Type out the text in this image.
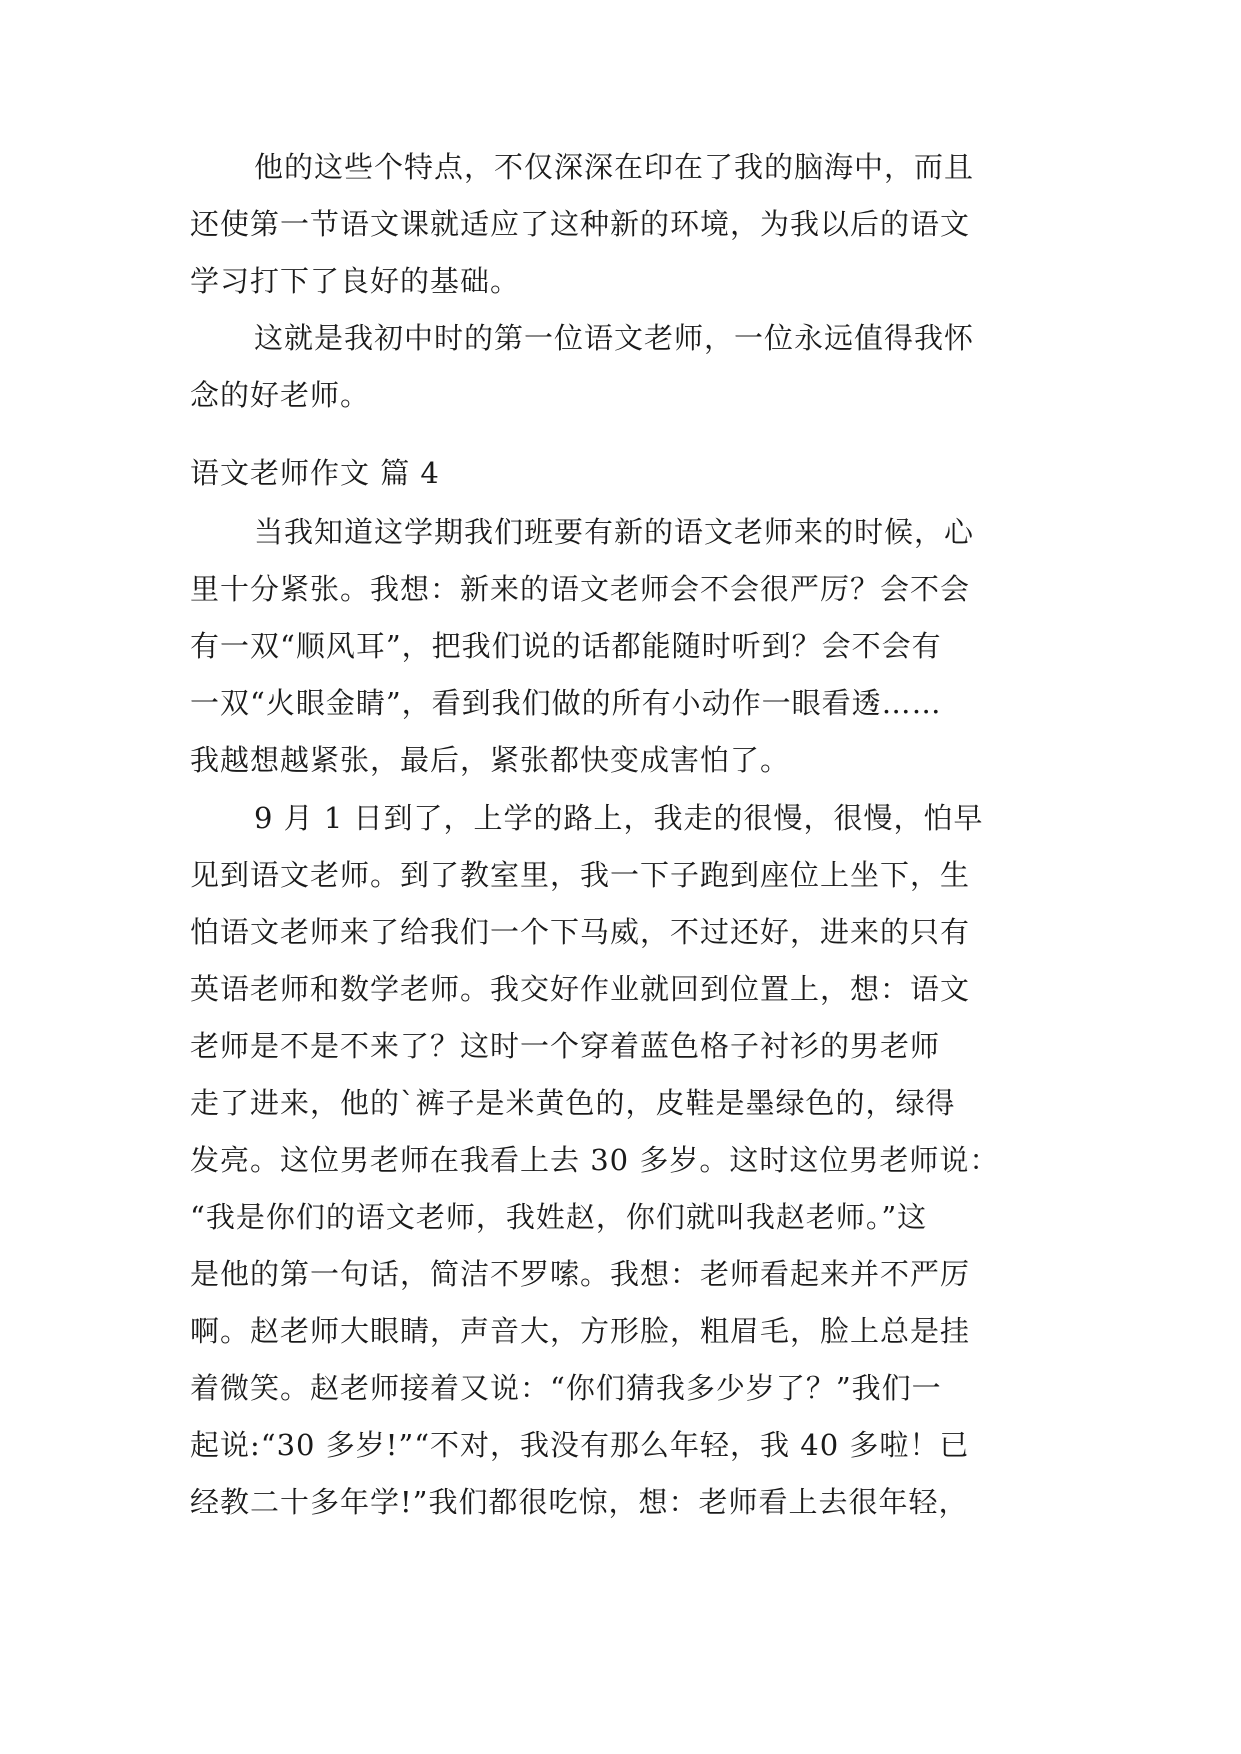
他的这些个特点，不仅深深在印在了我的脑海中，而且
还使第一节语文课就适应了这种新的环境，为我以后的语文
学习打下了良好的基础。
这就是我初中时的第一位语文老师，一位永远值得我怀
念的好老师。
语文老师作文 篇 4
当我知道这学期我们班要有新的语文老师来的时候，心
里十分紧张。我想：新来的语文老师会不会很严厉？会不会
有一双“顺风耳”，把我们说的话都能随时听到？会不会有
一双“火眼金睛”，看到我们做的所有小动作一眼看透……
我越想越紧张，最后，紧张都快变成害怕了。
9 月 1 日到了，上学的路上，我走的很慢，很慢，怕早
见到语文老师。到了教室里，我一下子跑到座位上坐下，生
怕语文老师来了给我们一个下马威，不过还好，进来的只有
英语老师和数学老师。我交好作业就回到位置上，想：语文
老师是不是不来了？这时一个穿着蓝色格子衬衫的男老师
走了进来，他的`裤子是米黄色的，皮鞋是墨绿色的，绿得
发亮。这位男老师在我看上去 30 多岁。这时这位男老师说：
“我是你们的语文老师，我姓赵，你们就叫我赵老师。”这
是他的第一句话，简洁不罗嗦。我想：老师看起来并不严厉
啊。赵老师大眼睛，声音大，方形脸，粗眉毛，脸上总是挂
着微笑。赵老师接着又说：“你们猜我多少岁了？”我们一
起说:“30 多岁!”“不对，我没有那么年轻，我 40 多啦！已
经教二十多年学!”我们都很吃惊，想：老师看上去很年轻，
